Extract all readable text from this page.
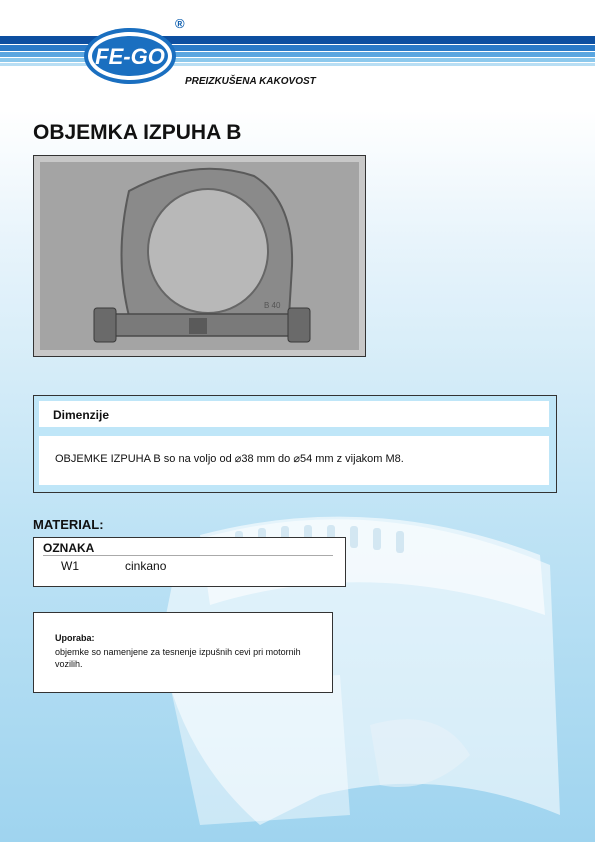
FE-GO
®
PREIZKUŠENA KAKOVOST
OBJEMKA IZPUHA B
B 40
Dimenzije
OBJEMKE IZPUHA B so na voljo od ⌀38 mm do ⌀54 mm z vijakom M8.
MATERIAL:
OZNAKA
W1	cinkano
Uporaba:
objemke so namenjene za tesnenje izpušnih cevi pri motornih vozilih.
